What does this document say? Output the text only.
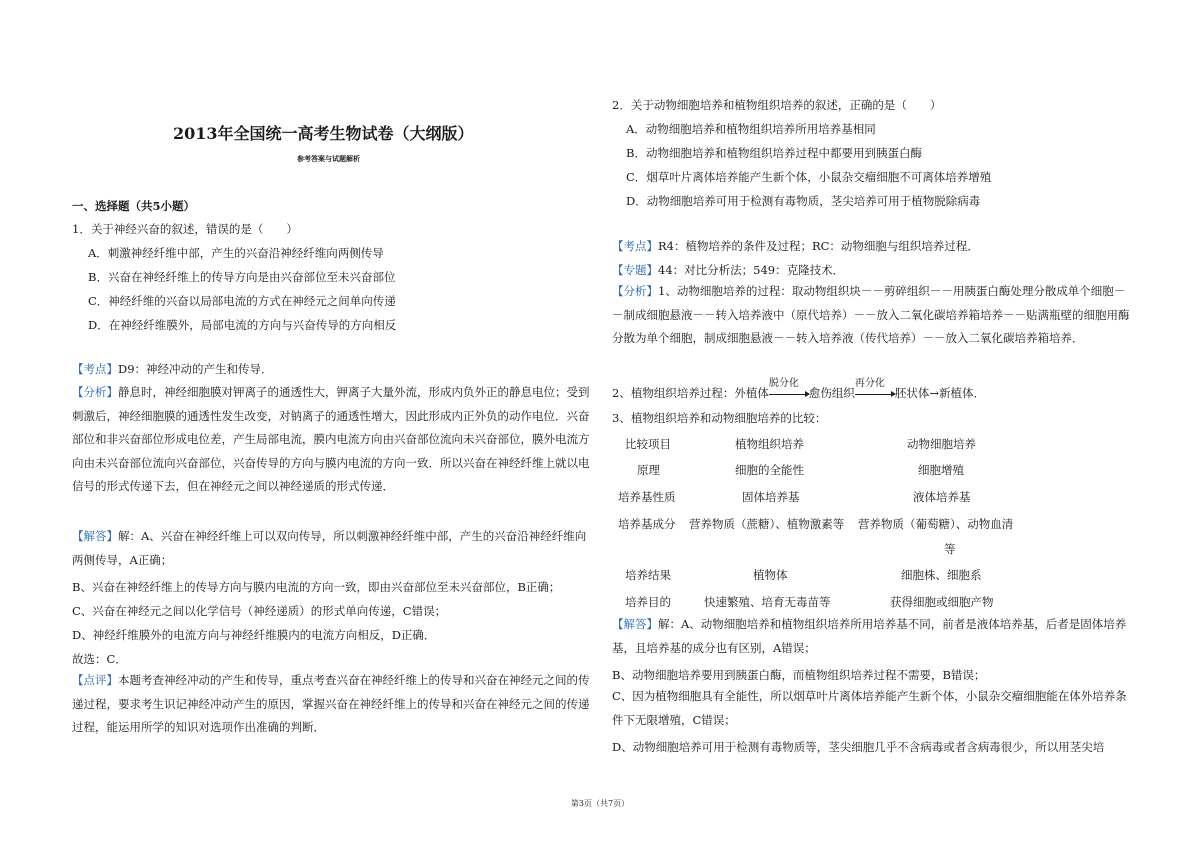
2013年全国统一高考生物试卷（大纲版）
参考答案与试题解析
一、选择题（共5小题）
1．关于神经兴奋的叙述，错误的是（　　）
A．刺激神经纤维中部，产生的兴奋沿神经纤维向两侧传导
B．兴奋在神经纤维上的传导方向是由兴奋部位至未兴奋部位
C．神经纤维的兴奋以局部电流的方式在神经元之间单向传递
D．在神经纤维膜外，局部电流的方向与兴奋传导的方向相反
【考点】D9：神经冲动的产生和传导．
【分析】静息时，神经细胞膜对钾离子的通透性大，钾离子大量外流，形成内负外正的静息电位；受到刺激后，神经细胞膜的通透性发生改变，对钠离子的通透性增大，因此形成内正外负的动作电位．兴奋部位和非兴奋部位形成电位差，产生局部电流，膜内电流方向由兴奋部位流向未兴奋部位，膜外电流方向由未兴奋部位流向兴奋部位，兴奋传导的方向与膜内电流的方向一致．所以兴奋在神经纤维上就以电信号的形式传递下去，但在神经元之间以神经递质的形式传递．
【解答】解：A、兴奋在神经纤维上可以双向传导，所以刺激神经纤维中部，产生的兴奋沿神经纤维向两侧传导，A正确；
B、兴奋在神经纤维上的传导方向与膜内电流的方向一致，即由兴奋部位至未兴奋部位，B正确；
C、兴奋在神经元之间以化学信号（神经递质）的形式单向传递，C错误；
D、神经纤维膜外的电流方向与神经纤维膜内的电流方向相反，D正确．
故选：C．
【点评】本题考查神经冲动的产生和传导，重点考查兴奋在神经纤维上的传导和兴奋在神经元之间的传递过程，要求考生识记神经冲动产生的原因，掌握兴奋在神经纤维上的传导和兴奋在神经元之间的传递过程，能运用所学的知识对选项作出准确的判断．
2．关于动物细胞培养和植物组织培养的叙述，正确的是（　　）
A．动物细胞培养和植物组织培养所用培养基相同
B．动物细胞培养和植物组织培养过程中都要用到胰蛋白酶
C．烟草叶片离体培养能产生新个体，小鼠杂交瘤细胞不可离体培养增殖
D．动物细胞培养可用于检测有毒物质，茎尖培养可用于植物脱除病毒
【考点】R4：植物培养的条件及过程；RC：动物细胞与组织培养过程．
【专题】44：对比分析法；549：克隆技术．
【分析】1、动物细胞培养的过程：取动物组织块－－剪碎组织－－用胰蛋白酶处理分散成单个细胞－－制成细胞悬液－－转入培养液中（原代培养）－－放入二氧化碳培养箱培养－－贴满瓶壁的细胞用酶分散为单个细胞，制成细胞悬液－－转入培养液（传代培养）－－放入二氧化碳培养箱培养．
2、植物组织培养过程：外植体
脱分化
愈伤组织
再分化
胚状体→新植体．
3、植物组织培养和动物细胞培养的比较：
比较项目	植物组织培养	动物细胞培养
原理	细胞的全能性	细胞增殖
培养基性质	固体培养基	液体培养基
培养基成分 营养物质（蔗糖）、植物激素等 营养物质（葡萄糖）、动物血清
等
培养结果	植物体	细胞株、细胞系
培养目的	快速繁殖、培育无毒苗等	获得细胞或细胞产物
【解答】解：A、动物细胞培养和植物组织培养所用培养基不同，前者是液体培养基，后者是固体培养基，且培养基的成分也有区别，A错误；
B、动物细胞培养要用到胰蛋白酶，而植物组织培养过程不需要，B错误；
C、因为植物细胞具有全能性，所以烟草叶片离体培养能产生新个体，小鼠杂交瘤细胞能在体外培养条件下无限增殖，C错误；
D、动物细胞培养可用于检测有毒物质等，茎尖细胞几乎不含病毒或者含病毒很少，所以用茎尖培
第3页（共7页）
